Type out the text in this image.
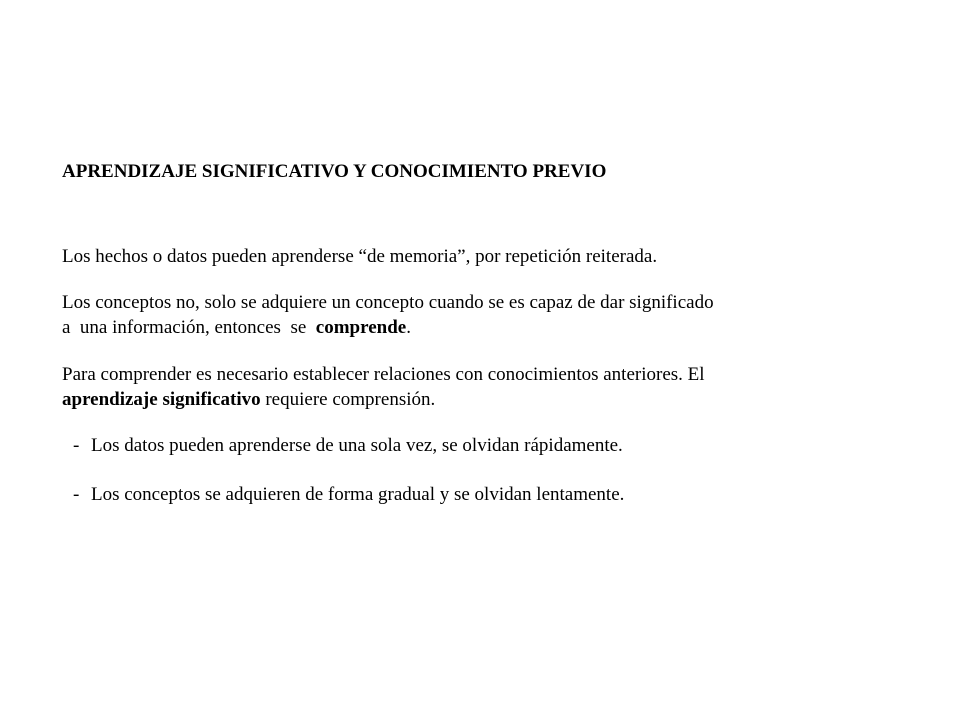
APRENDIZAJE SIGNIFICATIVO Y CONOCIMIENTO PREVIO

Los hechos o datos pueden aprenderse “de memoria”, por repetición reiterada.

Los conceptos no, solo se adquiere un concepto cuando se es capaz de dar significado
a  una información, entonces  se  comprende.

Para comprender es necesario establecer relaciones con conocimientos anteriores. El
aprendizaje significativo requiere comprensión.

- Los datos pueden aprenderse de una sola vez, se olvidan rápidamente.
- Los conceptos se adquieren de forma gradual y se olvidan lentamente.
